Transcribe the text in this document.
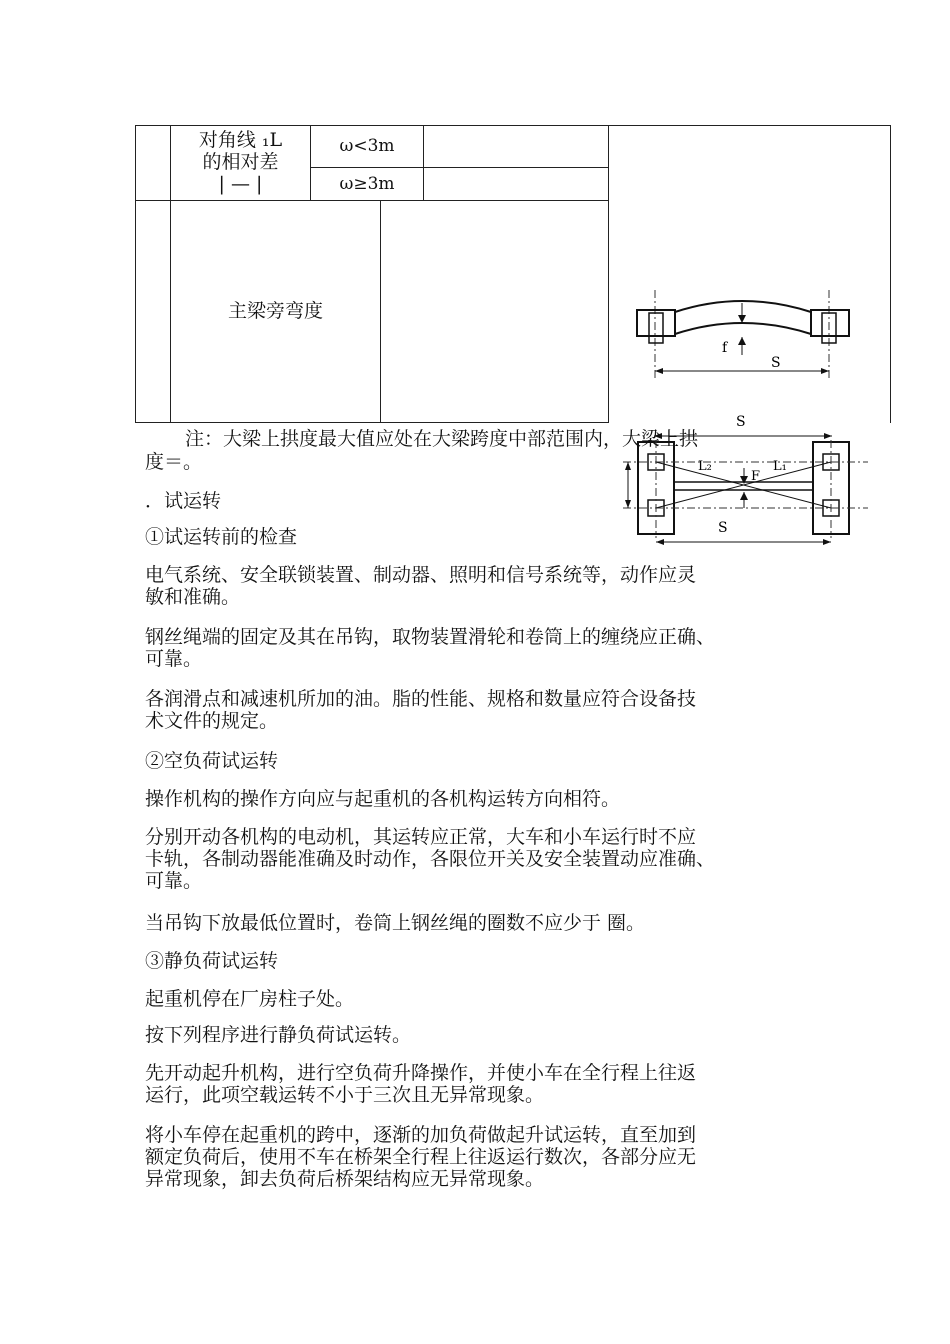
对角线 ₁L
的相对差
| — |
ω<3m
ω≥3m
主梁旁弯度
f
S
S
L₂	L₁
F
S

注：大梁上拱度最大值应处在大梁跨度中部范围内，大梁上拱

度＝。

．试运转

①试运转前的检查

电气系统、安全联锁装置、制动器、照明和信号系统等，动作应灵
敏和准确。
钢丝绳端的固定及其在吊钩，取物装置滑轮和卷筒上的缠绕应正确、
可靠。
各润滑点和减速机所加的油。脂的性能、规格和数量应符合设备技
术文件的规定。

②空负荷试运转

操作机构的操作方向应与起重机的各机构运转方向相符。

分别开动各机构的电动机，其运转应正常，大车和小车运行时不应
卡轨，各制动器能准确及时动作，各限位开关及安全装置动应准确、
可靠。

当吊钩下放最低位置时，卷筒上钢丝绳的圈数不应少于 圈。

③静负荷试运转

起重机停在厂房柱子处。

按下列程序进行静负荷试运转。

先开动起升机构，进行空负荷升降操作，并使小车在全行程上往返
运行，此项空载运转不小于三次且无异常现象。
将小车停在起重机的跨中，逐渐的加负荷做起升试运转，直至加到
额定负荷后，使用不车在桥架全行程上往返运行数次，各部分应无
异常现象，卸去负荷后桥架结构应无异常现象。
